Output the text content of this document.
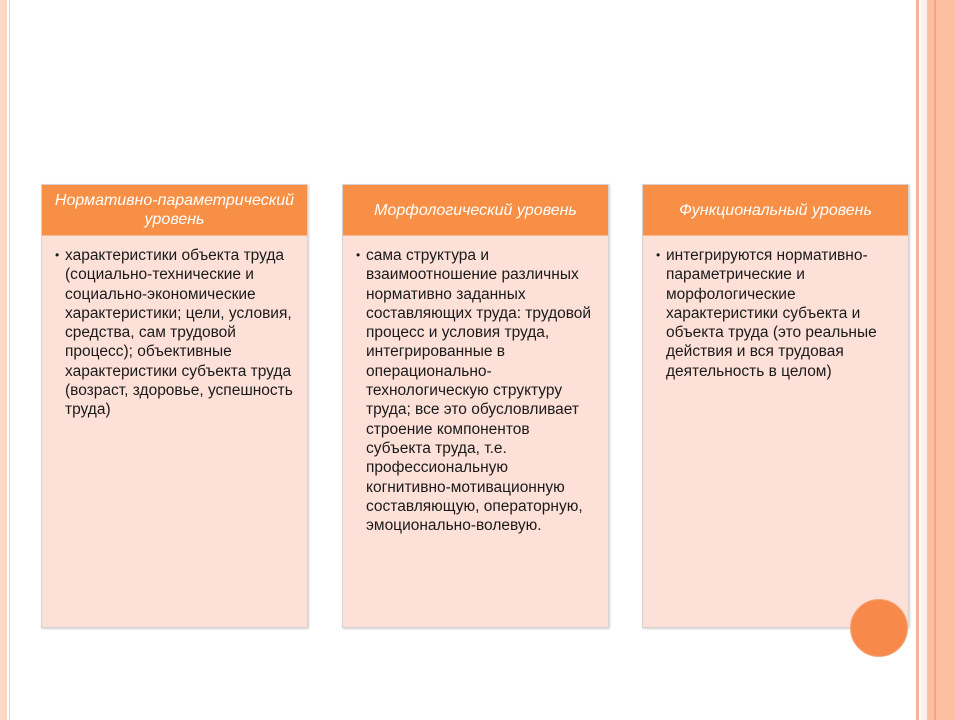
Нормативно-параметрический уровень
• характеристики объекта труда (социально-технические и социально-экономические характеристики; цели, условия, средства, сам трудовой процесс); объективные характеристики субъекта труда (возраст, здоровье, успешность труда)
Морфологический уровень
• сама структура и взаимоотношение различных нормативно заданных составляющих труда: трудовой процесс и условия труда, интегрированные в операционально-технологическую структуру труда; все это обусловливает строение компонентов субъекта труда, т.е. профессиональную когнитивно-мотивационную составляющую, операторную, эмоционально-волевую.
Функциональный уровень
• интегрируются нормативно-параметрические и морфологические характеристики субъекта и объекта труда (это реальные действия и вся трудовая деятельность в целом)
